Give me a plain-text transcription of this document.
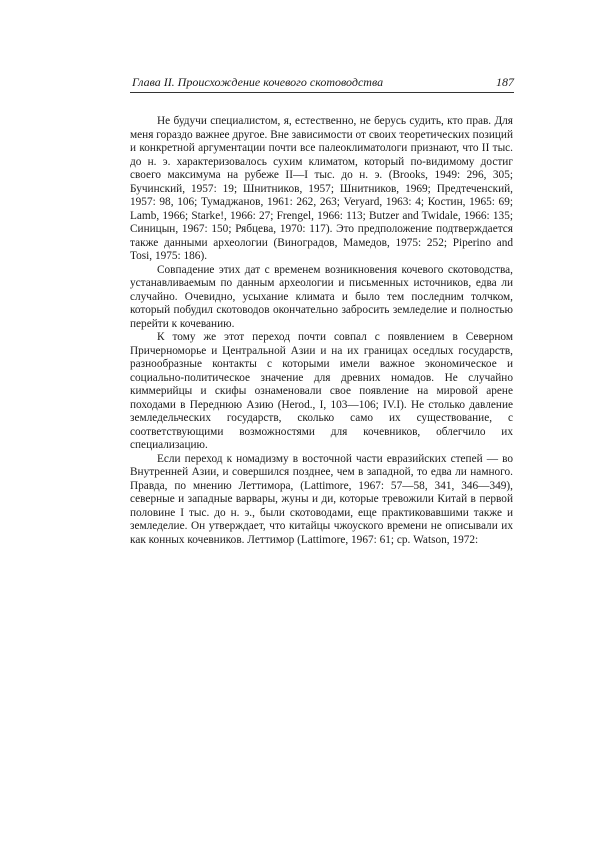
Глава II. Происхождение кочевого скотоводства	187

Не будучи специалистом, я, естественно, не берусь судить, кто прав. Для меня гораздо важнее другое. Вне зависимости от своих теоретических позиций и конкретной аргументации почти все палеоклиматологи признают, что II тыс. до н. э. характеризовалось сухим климатом, который по-видимому достиг своего максимума на рубеже II—I тыс. до н. э. (Brooks, 1949: 296, 305; Бучинский, 1957: 19; Шнитников, 1957; Шнитников, 1969; Предтеченский, 1957: 98, 106; Тумаджанов, 1961: 262, 263; Veryard, 1963: 4; Костин, 1965: 69; Lamb, 1966; Starke!, 1966: 27; Frengel, 1966: 113; Butzer and Twidale, 1966: 135; Синицын, 1967: 150; Рябцева, 1970: 117). Это предположение подтверждается также данными археологии (Виноградов, Мамедов, 1975: 252; Piperino and Tosi, 1975: 186).

Совпадение этих дат с временем возникновения кочевого скотоводства, устанавливаемым по данным археологии и письменных источников, едва ли случайно. Очевидно, усыхание климата и было тем последним толчком, который побудил скотоводов окончательно забросить земледелие и полностью перейти к кочеванию.

К тому же этот переход почти совпал с появлением в Северном Причерноморье и Центральной Азии и на их границах оседлых государств, разнообразные контакты с которыми имели важное экономическое и социально-политическое значение для древних номадов. Не случайно киммерийцы и скифы ознаменовали свое появление на мировой арене походами в Переднюю Азию (Herod., I, 103—106; IV.I). Не столько давление земледельческих государств, сколько само их существование, с соответствующими возможностями для кочевников, облегчило их специализацию.

Если переход к номадизму в восточной части евразийских степей — во Внутренней Азии, и совершился позднее, чем в западной, то едва ли намного. Правда, по мнению Леттимора, (Lattimore, 1967: 57—58, 341, 346—349), северные и западные варвары, жуны и ди, которые тревожили Китай в первой половине I тыс. до н. э., были скотоводами, еще практиковавшими также и земледелие. Он утверждает, что китайцы чжоуского времени не описывали их как конных кочевников. Леттимор (Lattimore, 1967: 61; ср. Watson, 1972:
